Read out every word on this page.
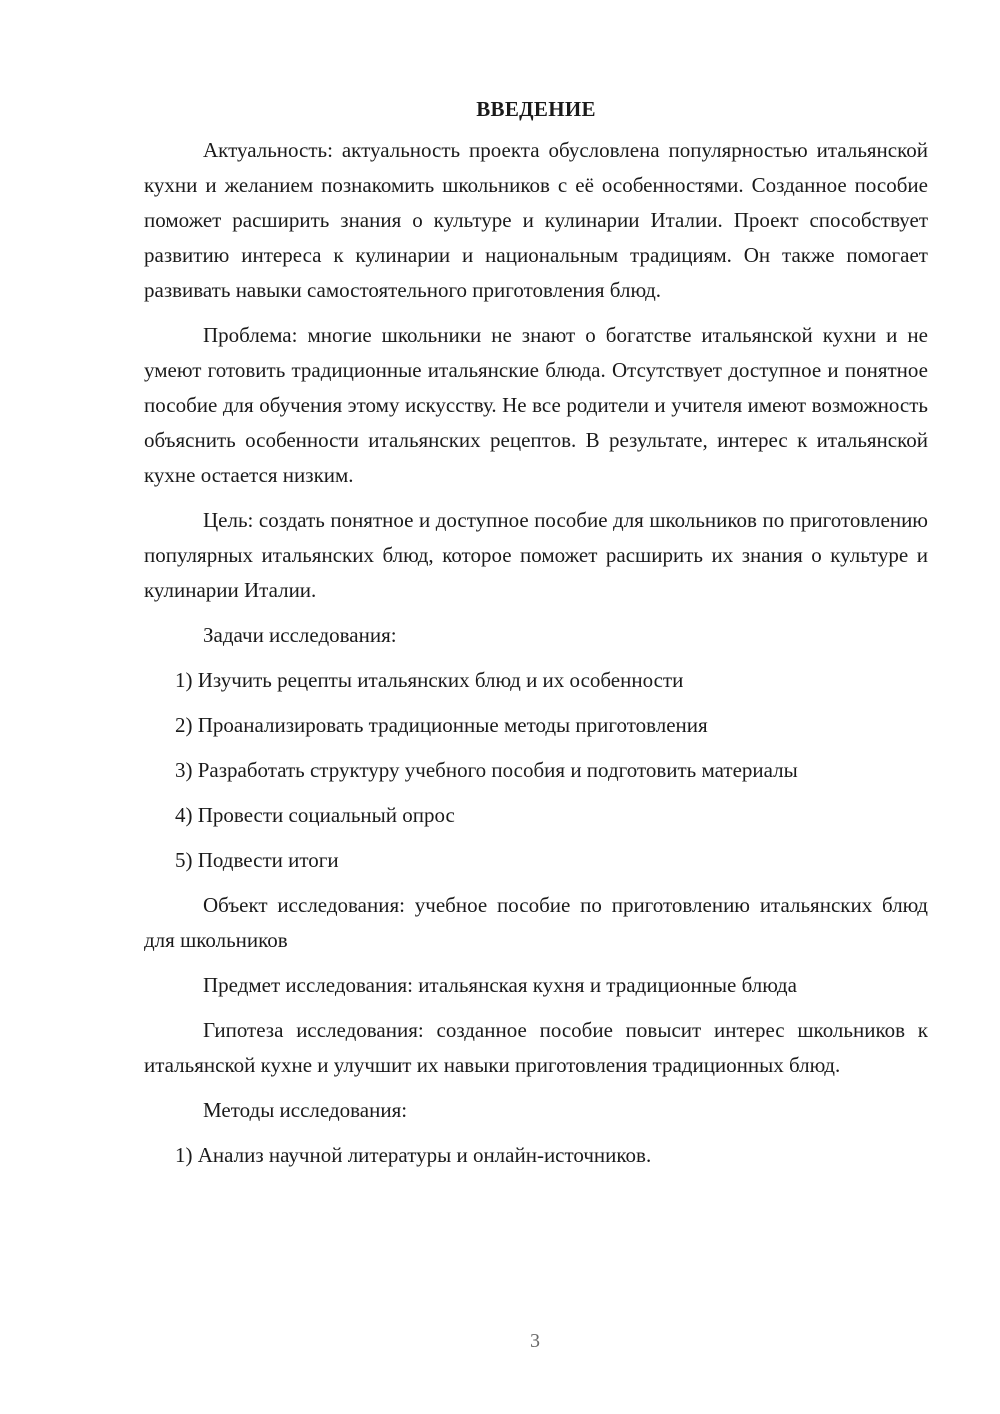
ВВЕДЕНИЕ

Актуальность: актуальность проекта обусловлена популярностью итальянской кухни и желанием познакомить школьников с её особенностями. Созданное пособие поможет расширить знания о культуре и кулинарии Италии. Проект способствует развитию интереса к кулинарии и национальным традициям. Он также помогает развивать навыки самостоятельного приготовления блюд.

Проблема: многие школьники не знают о богатстве итальянской кухни и не умеют готовить традиционные итальянские блюда. Отсутствует доступное и понятное пособие для обучения этому искусству. Не все родители и учителя имеют возможность объяснить особенности итальянских рецептов. В результате, интерес к итальянской кухне остается низким.

Цель: создать понятное и доступное пособие для школьников по приготовлению популярных итальянских блюд, которое поможет расширить их знания о культуре и кулинарии Италии.

Задачи исследования:

1) Изучить рецепты итальянских блюд и их особенности
2) Проанализировать традиционные методы приготовления
3) Разработать структуру учебного пособия и подготовить материалы
4) Провести социальный опрос
5) Подвести итоги

Объект исследования: учебное пособие по приготовлению итальянских блюд для школьников

Предмет исследования: итальянская кухня и традиционные блюда

Гипотеза исследования: созданное пособие повысит интерес школьников к итальянской кухне и улучшит их навыки приготовления традиционных блюд.

Методы исследования:

1) Анализ научной литературы и онлайн-источников.
3
